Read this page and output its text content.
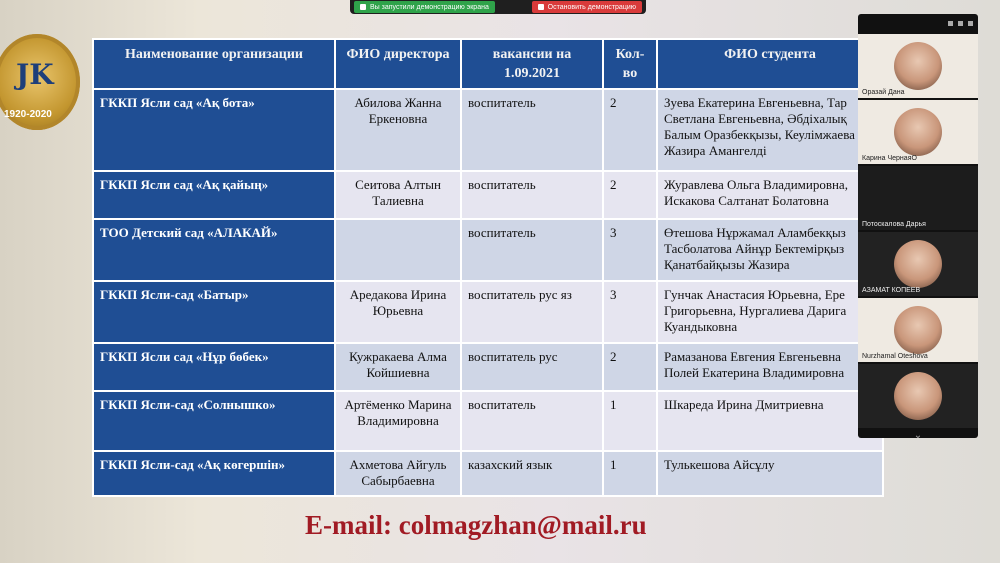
Вы запустили демонстрацию экрана	Остановить демонстрацию
JK
1920-2020
Наименование организации	ФИО директора	вакансии на 1.09.2021	Кол-во	ФИО студента
ГККП Ясли сад «Ақ бота»	Абилова Жанна Еркеновна	воспитатель	2	Зуева Екатерина Евгеньевна, Тар Светлана Евгеньевна, Әбдіхалық Балым Оразбекқызы, Кеулімжаева Жазира Амангелді
ГККП Ясли сад «Ақ қайың»	Сеитова Алтын Талиевна	воспитатель	2	Журавлева Ольга Владимировна, Искакова Салтанат Болатовна
ТОО Детский сад «АЛАКАЙ»		воспитатель	3	Өтешова Нұржамал Аламбекқыз Тасболатова Айнұр Бектемірқыз Қанатбайқызы Жазира
ГККП Ясли-сад «Батыр»	Аредакова Ирина Юрьевна	воспитатель рус яз	3	Гунчак Анастасия Юрьевна, Ере Григорьевна, Нургалиева Дарига Куандыковна
ГККП Ясли сад «Нұр бөбек»	Кужракаева Алма Койшиевна	воспитатель рус	2	Рамазанова Евгения Евгеньевна Полей Екатерина Владимировна
ГККП Ясли-сад «Солнышко»	Артёменко Марина Владимировна	воспитатель	1	Шкареда Ирина Дмитриевна
ГККП Ясли-сад «Ақ көгершін»	Ахметова Айгуль Сабырбаевна	казахский язык	1	Тулькешова Айсұлу
E-mail: colmagzhan@mail.ru
Оразай Дана
Карина ЧернаяО
Потоскалова Дарья
АЗАМАТ КОПЕЕВ
Nurzhamal Oteshova
⌄
